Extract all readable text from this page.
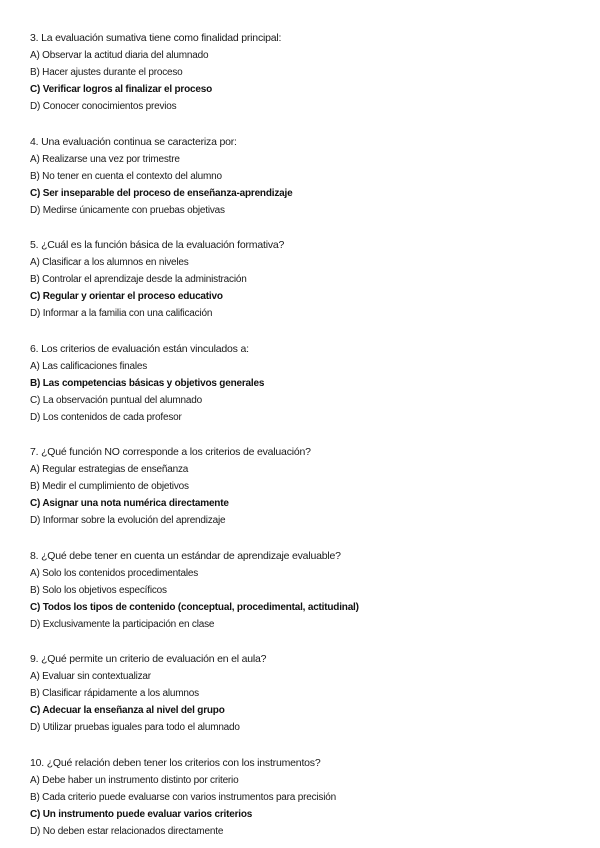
3. La evaluación sumativa tiene como finalidad principal:
A) Observar la actitud diaria del alumnado
B) Hacer ajustes durante el proceso
C) Verificar logros al finalizar el proceso
D) Conocer conocimientos previos
4. Una evaluación continua se caracteriza por:
A) Realizarse una vez por trimestre
B) No tener en cuenta el contexto del alumno
C) Ser inseparable del proceso de enseñanza-aprendizaje
D) Medirse únicamente con pruebas objetivas
5. ¿Cuál es la función básica de la evaluación formativa?
A) Clasificar a los alumnos en niveles
B) Controlar el aprendizaje desde la administración
C) Regular y orientar el proceso educativo
D) Informar a la familia con una calificación
6. Los criterios de evaluación están vinculados a:
A) Las calificaciones finales
B) Las competencias básicas y objetivos generales
C) La observación puntual del alumnado
D) Los contenidos de cada profesor
7. ¿Qué función NO corresponde a los criterios de evaluación?
A) Regular estrategias de enseñanza
B) Medir el cumplimiento de objetivos
C) Asignar una nota numérica directamente
D) Informar sobre la evolución del aprendizaje
8. ¿Qué debe tener en cuenta un estándar de aprendizaje evaluable?
A) Solo los contenidos procedimentales
B) Solo los objetivos específicos
C) Todos los tipos de contenido (conceptual, procedimental, actitudinal)
D) Exclusivamente la participación en clase
9. ¿Qué permite un criterio de evaluación en el aula?
A) Evaluar sin contextualizar
B) Clasificar rápidamente a los alumnos
C) Adecuar la enseñanza al nivel del grupo
D) Utilizar pruebas iguales para todo el alumnado
10. ¿Qué relación deben tener los criterios con los instrumentos?
A) Debe haber un instrumento distinto por criterio
B) Cada criterio puede evaluarse con varios instrumentos para precisión
C) Un instrumento puede evaluar varios criterios
D) No deben estar relacionados directamente
